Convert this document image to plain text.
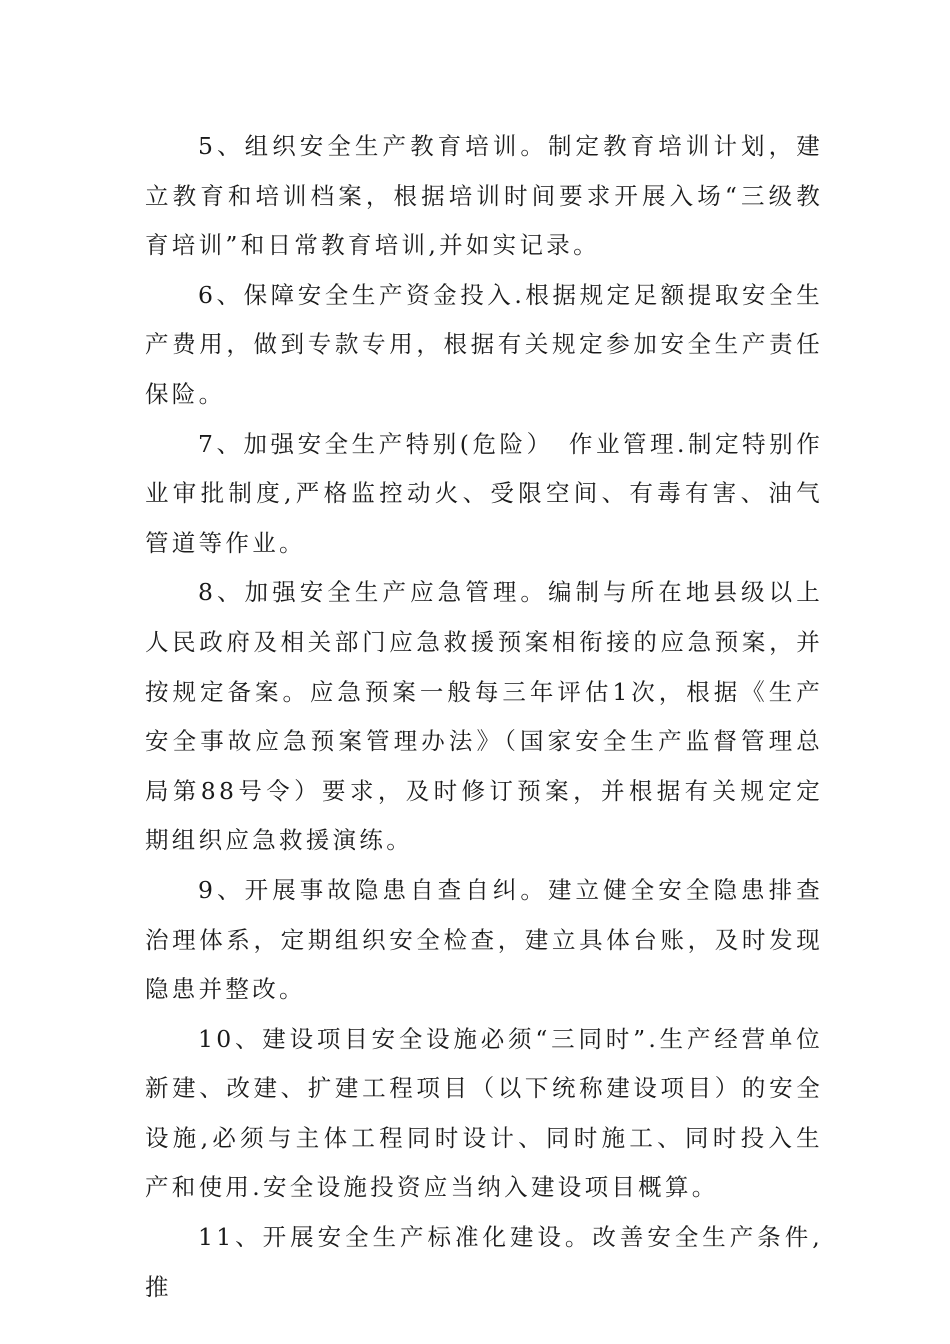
5、组织安全生产教育培训。制定教育培训计划，建立教育和培训档案，根据培训时间要求开展入场“三级教育培训”和日常教育培训,并如实记录。

6、保障安全生产资金投入.根据规定足额提取安全生产费用，做到专款专用，根据有关规定参加安全生产责任保险。

7、加强安全生产特别(危险）　作业管理.制定特别作业审批制度,严格监控动火、受限空间、有毒有害、油气管道等作业。

8、加强安全生产应急管理。编制与所在地县级以上人民政府及相关部门应急救援预案相衔接的应急预案，并按规定备案。应急预案一般每三年评估1次，根据《生产安全事故应急预案管理办法》（国家安全生产监督管理总局第88号令）要求，及时修订预案，并根据有关规定定期组织应急救援演练。

9、开展事故隐患自查自纠。建立健全安全隐患排查治理体系，定期组织安全检查，建立具体台账，及时发现隐患并整改。

10、建设项目安全设施必须“三同时”.生产经营单位新建、改建、扩建工程项目（以下统称建设项目）的安全设施,必须与主体工程同时设计、同时施工、同时投入生产和使用.安全设施投资应当纳入建设项目概算。

11、开展安全生产标准化建设。改善安全生产条件,推
